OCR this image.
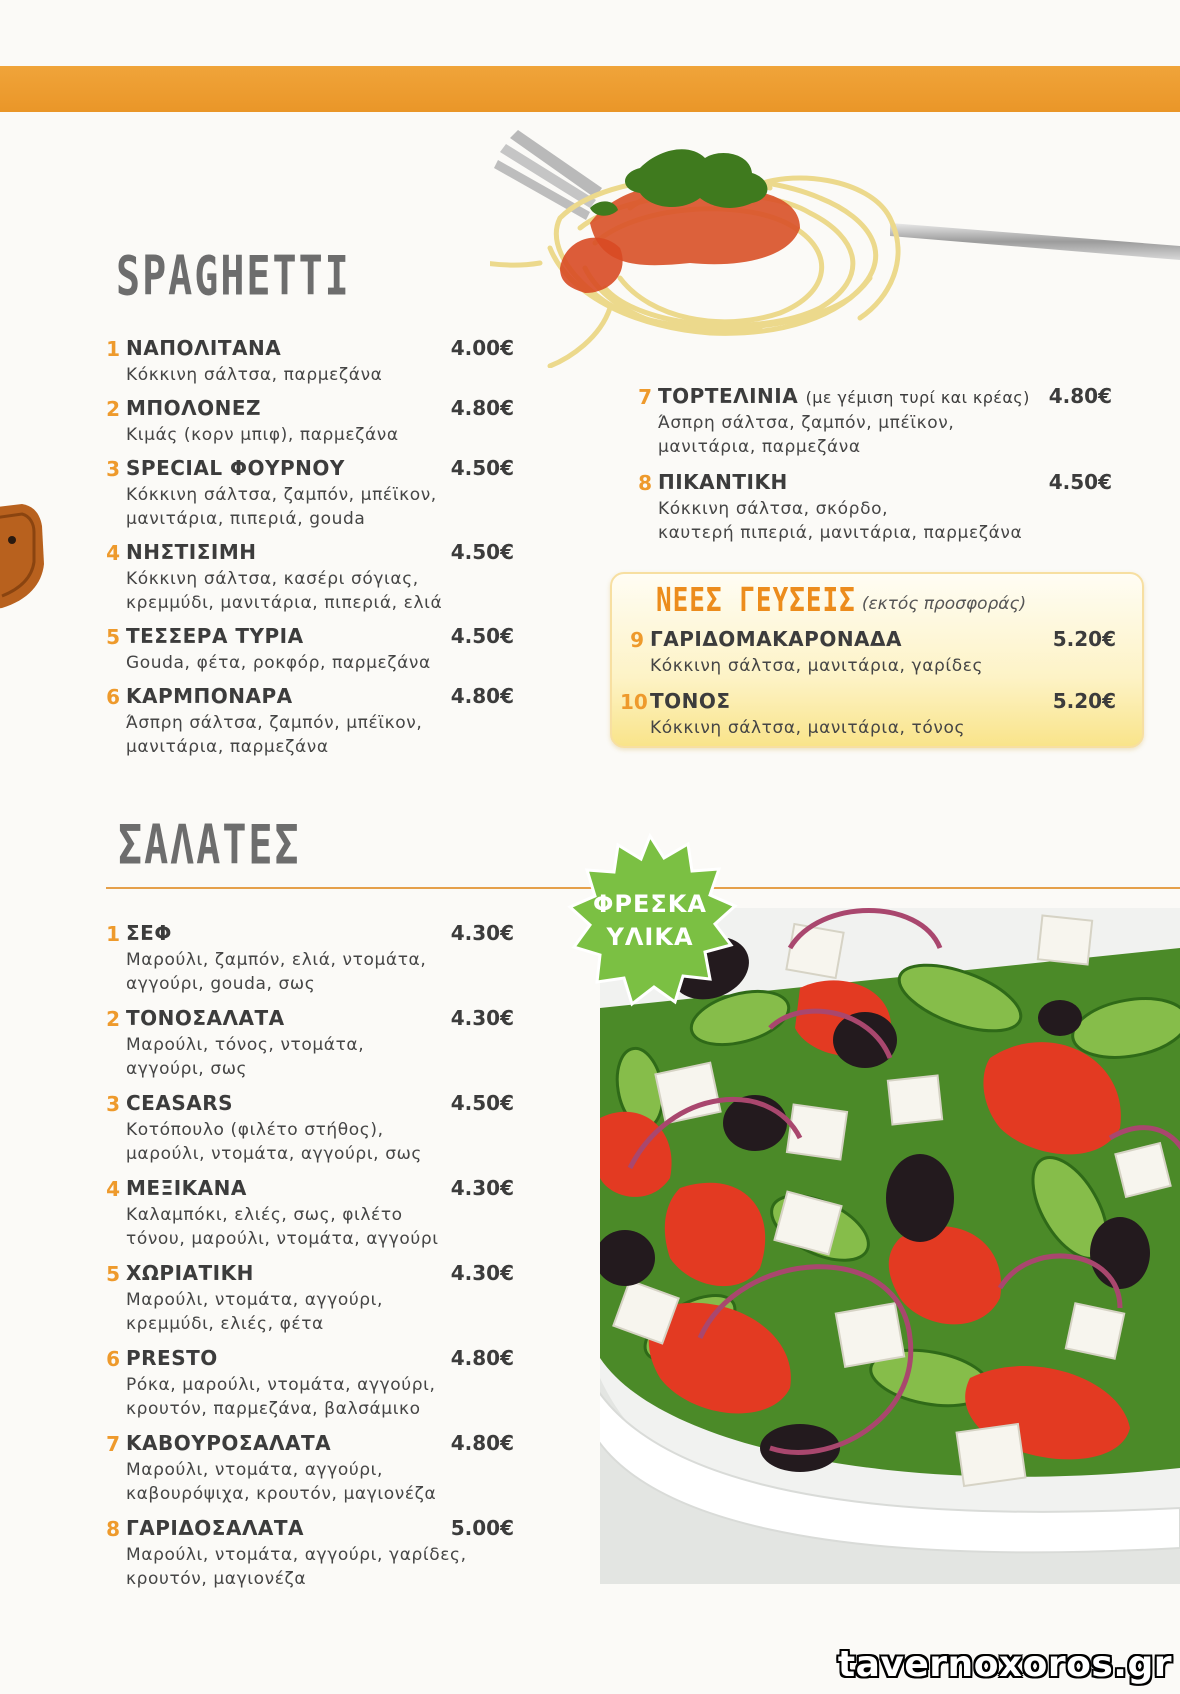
SPAGHETTI
1 ΝΑΠΟΛΙΤΑΝΑ	4.00€
Κόκκινη σάλτσα, παρμεζάνα
2 ΜΠΟΛΟΝΕΖ	4.80€
Κιμάς (κορν μπιφ), παρμεζάνα
3 SPECIAL ΦΟΥΡΝΟΥ	4.50€
Κόκκινη σάλτσα, ζαμπόν, μπέϊκον,
μανιτάρια, πιπεριά, gouda
4 ΝΗΣΤΙΣΙΜΗ	4.50€
Κόκκινη σάλτσα, κασέρι σόγιας,
κρεμμύδι, μανιτάρια, πιπεριά, ελιά
5 ΤΕΣΣΕΡΑ ΤΥΡΙΑ	4.50€
Gouda, φέτα, ροκφόρ, παρμεζάνα
6 ΚΑΡΜΠΟΝΑΡΑ	4.80€
Άσπρη σάλτσα, ζαμπόν, μπέϊκον,
μανιτάρια, παρμεζάνα
7 ΤΟΡΤΕΛΙΝΙΑ (με γέμιση τυρί και κρέας) 4.80€
Άσπρη σάλτσα, ζαμπόν, μπέϊκον,
μανιτάρια, παρμεζάνα
8 ΠΙΚΑΝΤΙΚΗ	4.50€
Κόκκινη σάλτσα, σκόρδο,
καυτερή πιπεριά, μανιτάρια, παρμεζάνα
ΝΕΕΣ ΓΕΥΣΕΙΣ (εκτός προσφοράς)
9 ΓΑΡΙΔΟΜΑΚΑΡΟΝΑΔΑ	5.20€
Κόκκινη σάλτσα, μανιτάρια, γαρίδες
10 ΤΟΝΟΣ	5.20€
Κόκκινη σάλτσα, μανιτάρια, τόνος
ΣΑΛΑΤΕΣ
ΦΡΕΣΚΑ
ΥΛΙΚΑ
1 ΣΕΦ	4.30€
Μαρούλι, ζαμπόν, ελιά, ντομάτα,
αγγούρι, gouda, σως
2 ΤΟΝΟΣΑΛΑΤΑ	4.30€
Μαρούλι, τόνος, ντομάτα,
αγγούρι, σως
3 CEASARS	4.50€
Κοτόπουλο (φιλέτο στήθος),
μαρούλι, ντομάτα, αγγούρι, σως
4 ΜΕΞΙΚΑΝΑ	4.30€
Καλαμπόκι, ελιές, σως, φιλέτο
τόνου, μαρούλι, ντομάτα, αγγούρι
5 ΧΩΡΙΑΤΙΚΗ	4.30€
Μαρούλι, ντομάτα, αγγούρι,
κρεμμύδι, ελιές, φέτα
6 PRESTO	4.80€
Ρόκα, μαρούλι, ντομάτα, αγγούρι,
κρουτόν, παρμεζάνα, βαλσάμικο
7 ΚΑΒΟΥΡΟΣΑΛΑΤΑ	4.80€
Μαρούλι, ντομάτα, αγγούρι,
καβουρόψιχα, κρουτόν, μαγιονέζα
8 ΓΑΡΙΔΟΣΑΛΑΤΑ	5.00€
Μαρούλι, ντομάτα, αγγούρι, γαρίδες,
κρουτόν, μαγιονέζα
tavernoxoros.gr
